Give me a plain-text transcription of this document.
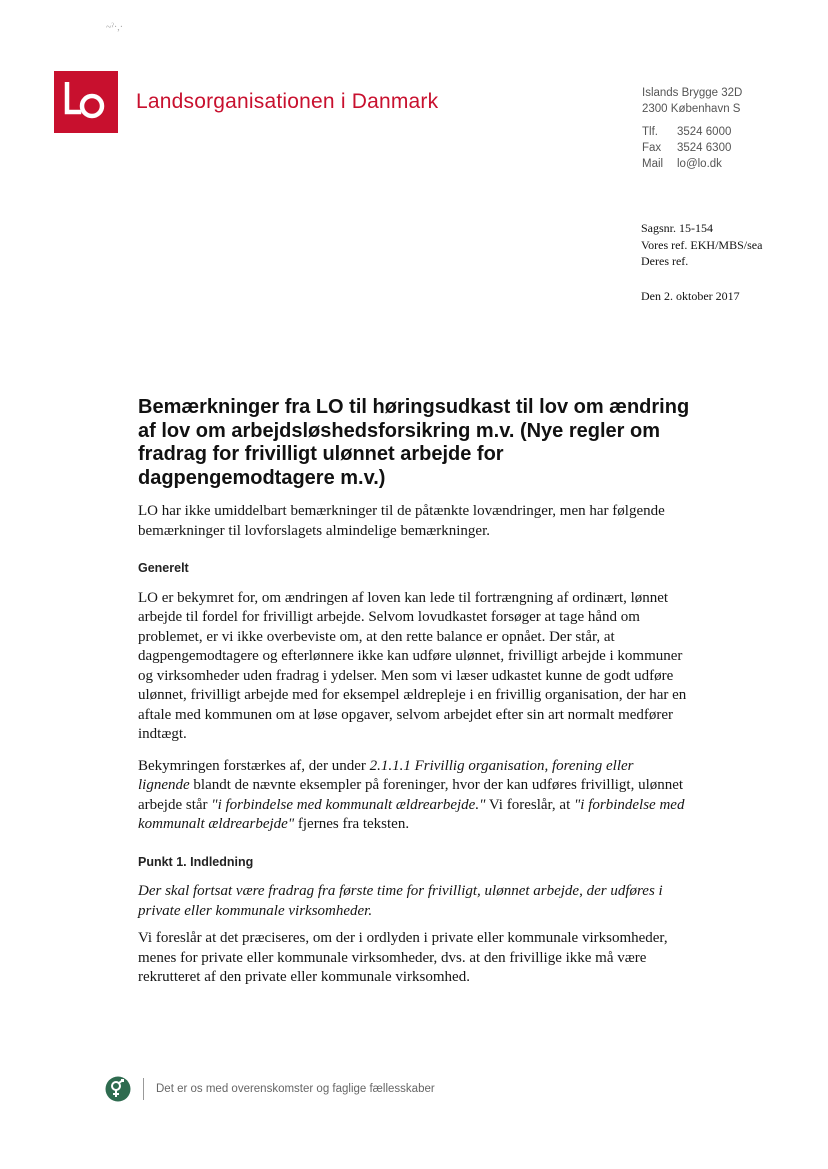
~ˀ·,·
Landsorganisationen i Danmark	Islands Brygge 32D
2300 København S
Tlf. 3524 6000
Fax 3524 6300
Mail lo@lo.dk
Sagsnr. 15-154
Vores ref. EKH/MBS/sea
Deres ref.
Den 2. oktober 2017
Bemærkninger fra LO til høringsudkast til lov om ændring af lov om arbejdsløshedsforsikring m.v. (Nye regler om fradrag for frivilligt ulønnet arbejde for dagpengemodtagere m.v.)

LO har ikke umiddelbart bemærkninger til de påtænkte lovændringer, men har følgende bemærkninger til lovforslagets almindelige bemærkninger.

Generelt

LO er bekymret for, om ændringen af loven kan lede til fortrængning af ordinært, lønnet arbejde til fordel for frivilligt arbejde. Selvom lovudkastet forsøger at tage hånd om problemet, er vi ikke overbeviste om, at den rette balance er opnået. Der står, at dagpengemodtagere og efterlønnere ikke kan udføre ulønnet, frivilligt arbejde i kommuner og virksomheder uden fradrag i ydelser. Men som vi læser udkastet kunne de godt udføre ulønnet, frivilligt arbejde med for eksempel ældrepleje i en frivillig organisation, der har en aftale med kommunen om at løse opgaver, selvom arbejdet efter sin art normalt medfører indtægt.

Bekymringen forstærkes af, der under 2.1.1.1 Frivillig organisation, forening eller lignende blandt de nævnte eksempler på foreninger, hvor der kan udføres frivilligt, ulønnet arbejde står "i forbindelse med kommunalt ældrearbejde." Vi foreslår, at "i forbindelse med kommunalt ældrearbejde" fjernes fra teksten.

Punkt 1. Indledning

Der skal fortsat være fradrag fra første time for frivilligt, ulønnet arbejde, der udføres i private eller kommunale virksomheder.

Vi foreslår at det præciseres, om der i ordlyden i private eller kommunale virksomheder, menes for private eller kommunale virksomheder, dvs. at den frivillige ikke må være rekrutteret af den private eller kommunale virksomhed.

Det er os med overenskomster og faglige fællesskaber
